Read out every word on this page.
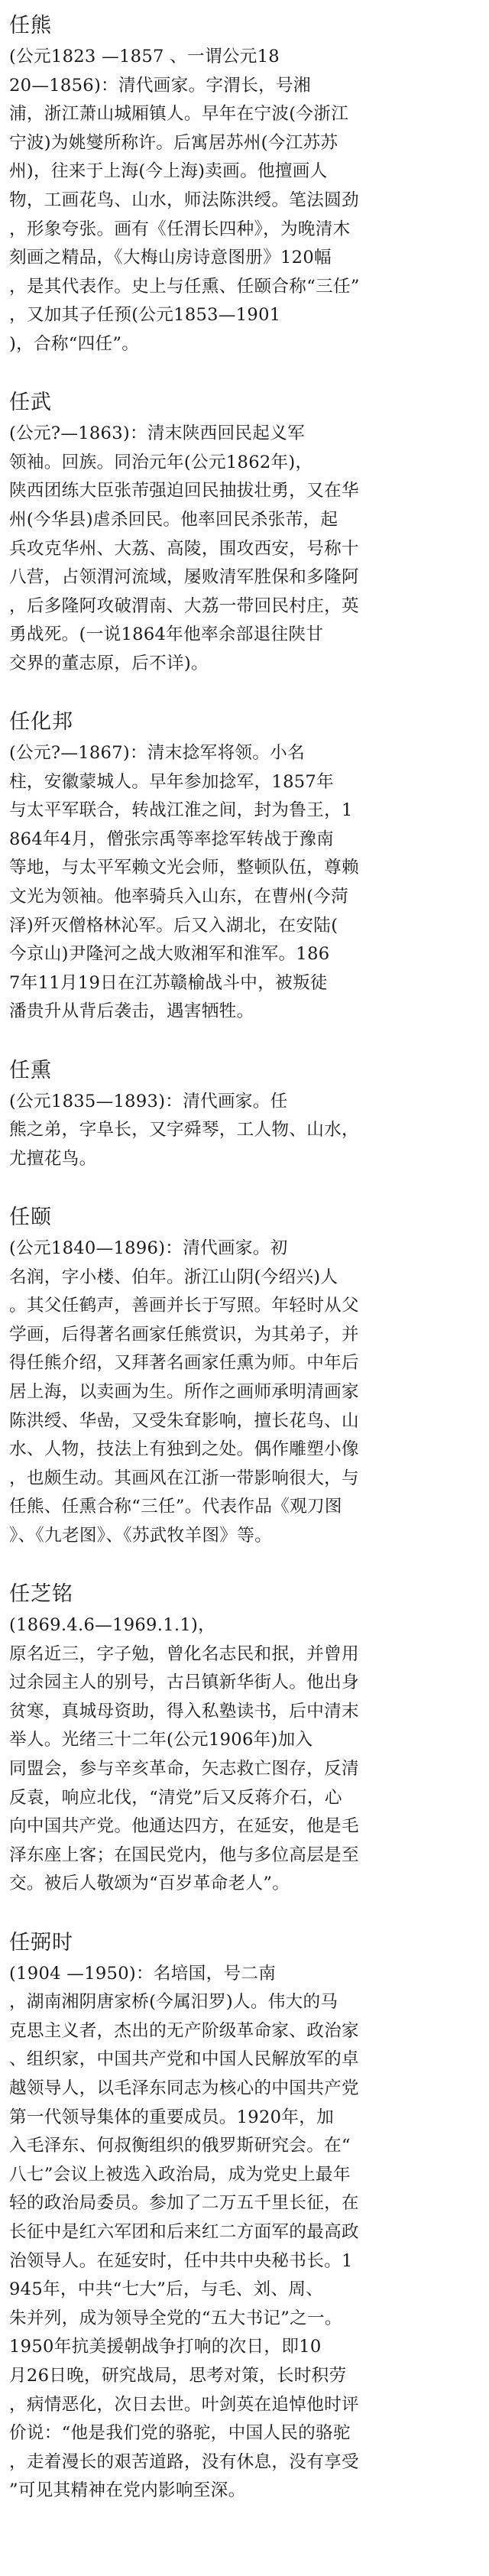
任熊
(公元1823 —1857 、一谓公元18
20—1856)：清代画家。字渭长，号湘
浦，浙江萧山城厢镇人。早年在宁波(今浙江
宁波)为姚燮所称许。后寓居苏州(今江苏苏
州)，往来于上海(今上海)卖画。他擅画人
物，工画花鸟、山水，师法陈洪绶。笔法圆劲
，形象夸张。画有《任渭长四种》，为晚清木
刻画之精品，《大梅山房诗意图册》120幅
，是其代表作。史上与任熏、任颐合称“三任”
，又加其子任预(公元1853—1901
)，合称“四任”。
任武
(公元?—1863)：清末陕西回民起义军
领袖。回族。同治元年(公元1862年)，
陕西团练大臣张芾强迫回民抽拔壮勇，又在华
州(今华县)虐杀回民。他率回民杀张芾，起
兵攻克华州、大荔、高陵，围攻西安，号称十
八营，占领渭河流域，屡败清军胜保和多隆阿
，后多隆阿攻破渭南、大荔一带回民村庄，英
勇战死。(一说1864年他率余部退往陕甘
交界的董志原，后不详)。
任化邦
(公元?—1867)：清末捻军将领。小名
柱，安徽蒙城人。早年参加捻军，1857年
与太平军联合，转战江淮之间，封为鲁王，1
864年4月，僧张宗禹等率捻军转战于豫南
等地，与太平军赖文光会师，整顿队伍，尊赖
文光为领袖。他率骑兵入山东，在曹州(今菏
泽)歼灭僧格林沁军。后又入湖北，在安陆(
今京山)尹隆河之战大败湘军和淮军。186
7年11月19日在江苏赣榆战斗中，被叛徒
潘贵升从背后袭击，遇害牺牲。
任熏
(公元1835—1893)：清代画家。任
熊之弟，字阜长，又字舜琴，工人物、山水，
尤擅花鸟。
任颐
(公元1840—1896)：清代画家。初
名润，字小楼、伯年。浙江山阴(今绍兴)人
。其父任鹤声，善画并长于写照。年轻时从父
学画，后得著名画家任熊赏识，为其弟子，并
得任熊介绍，又拜著名画家任熏为师。中年后
居上海，以卖画为生。所作之画师承明清画家
陈洪绶、华嵒，又受朱耷影响，擅长花鸟、山
水、人物，技法上有独到之处。偶作雕塑小像
，也颇生动。其画风在江浙一带影响很大，与
任熊、任熏合称“三任”。代表作品《观刀图
》、《九老图》、《苏武牧羊图》等。
任芝铭
(1869.4.6—1969.1.1)，
原名近三，字子勉，曾化名志民和抿，并曾用
过余园主人的别号，古吕镇新华街人。他出身
贫寒，真城母资助，得入私塾读书，后中清末
举人。光绪三十二年(公元1906年)加入
同盟会，参与辛亥革命，矢志救亡图存，反清
反袁，响应北伐，“清党”后又反蒋介石，心
向中国共产党。他通达四方，在延安，他是毛
泽东座上客；在国民党内，他与多位高层是至
交。被后人敬颂为“百岁革命老人”。
任弼时
(1904 —1950)：名培国，号二南
，湖南湘阴唐家桥(今属汨罗)人。伟大的马
克思主义者，杰出的无产阶级革命家、政治家
、组织家，中国共产党和中国人民解放军的卓
越领导人，以毛泽东同志为核心的中国共产党
第一代领导集体的重要成员。1920年，加
入毛泽东、何叔衡组织的俄罗斯研究会。在“
八七”会议上被选入政治局，成为党史上最年
轻的政治局委员。参加了二万五千里长征，在
长征中是红六军团和后来红二方面军的最高政
治领导人。在延安时，任中共中央秘书长。1
945年，中共“七大”后，与毛、刘、周、
朱并列，成为领导全党的“五大书记”之一。
1950年抗美援朝战争打响的次日，即10
月26日晚，研究战局，思考对策，长时积劳
，病情恶化，次日去世。叶剑英在追悼他时评
价说：“他是我们党的骆驼，中国人民的骆驼
，走着漫长的艰苦道路，没有休息，没有享受
”可见其精神在党内影响至深。
